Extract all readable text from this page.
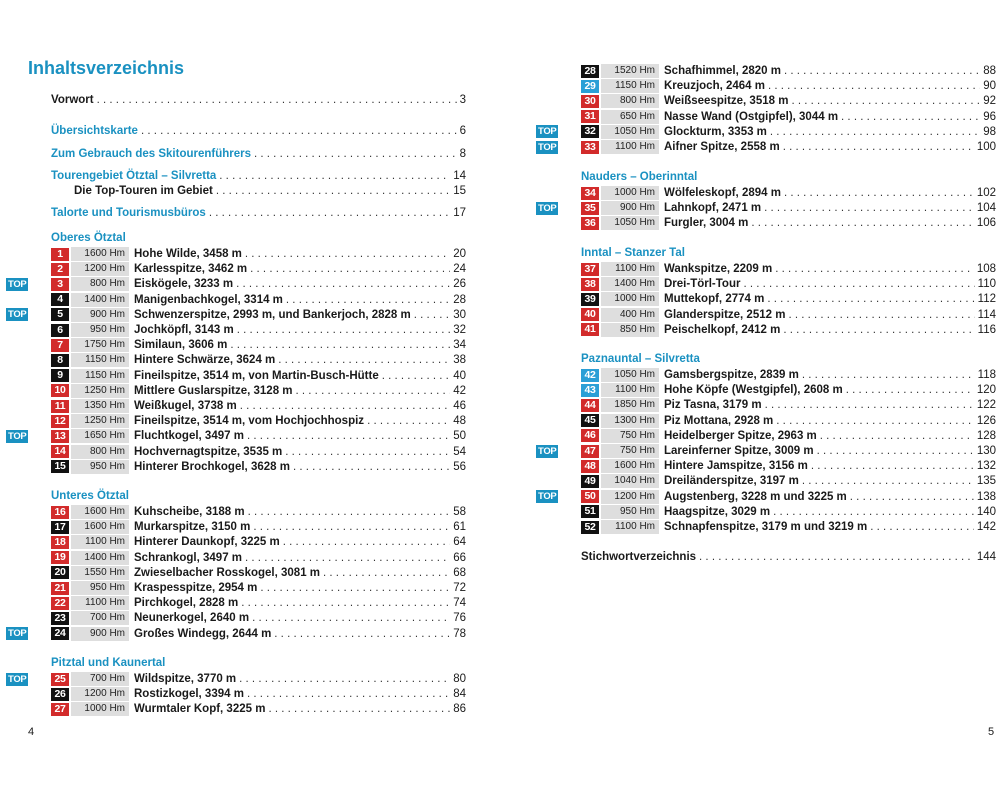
Inhaltsverzeichnis
Vorwort . . .	3
Übersichtskarte . . .	6
Zum Gebrauch des Skitourenführers . . .	8
Tourengebiet Ötztal – Silvretta . . .	14
Die Top-Touren im Gebiet . . .	15
Talorte und Tourismusbüros . . .	17
Oberes Ötztal
Unteres Ötztal
Pitztal und Kaunertal
Nauders – Oberinntal
Inntal – Stanzer Tal
Paznauntal – Silvretta
1	1600 Hm Hohe Wilde, 3458 m . . .	20
2	1200 Hm Karlesspitze, 3462 m . . .	24
TOP	3	800 Hm Eiskögele, 3233 m . . .	26
4	1400 Hm Manigenbachkogel, 3314 m . . .	28
TOP	5	900 Hm Schwenzerspitze, 2993 m, und Bankerjoch, 2828 m . . .	30
6	950 Hm Jochköpfl, 3143 m . . .	32
7	1750 Hm Similaun, 3606 m . . .	34
8	1150 Hm Hintere Schwärze, 3624 m . . .	38
9	1150 Hm Fineilspitze, 3514 m, von Martin-Busch-Hütte . . .	40
10	1250 Hm Mittlere Guslarspitze, 3128 m . . .	42
11	1350 Hm Weißkugel, 3738 m . . .	46
12	1250 Hm Fineilspitze, 3514 m, vom Hochjochhospiz . . .	48
TOP	13	1650 Hm Fluchtkogel, 3497 m . . .	50
14	800 Hm Hochvernagtspitze, 3535 m . . .	54
15	950 Hm Hinterer Brochkogel, 3628 m . . .	56
16	1600 Hm Kuhscheibe, 3188 m . . .	58
17	1600 Hm Murkarspitze, 3150 m . . .	61
18	1100 Hm Hinterer Daunkopf, 3225 m . . .	64
19	1400 Hm Schrankogl, 3497 m . . .	66
20	1550 Hm Zwieselbacher Rosskogel, 3081 m . . .	68
21	950 Hm Kraspesspitze, 2954 m . . .	72
22	1100 Hm Pirchkogel, 2828 m . . .	74
23	700 Hm Neunerkogel, 2640 m . . .	76
TOP	24	900 Hm Großes Windegg, 2644 m . . .	78
TOP	25	700 Hm Wildspitze, 3770 m . . .	80
26	1200 Hm Rostizkogel, 3394 m . . .	84
27	1000 Hm Wurmtaler Kopf, 3225 m . . .	86
28	1520 Hm Schafhimmel, 2820 m . . .	88
29	1150 Hm Kreuzjoch, 2464 m . . .	90
30	800 Hm Weißseespitze, 3518 m . . .	92
31	650 Hm Nasse Wand (Ostgipfel), 3044 m . . .	96
TOP	32	1050 Hm Glockturm, 3353 m . . .	98
TOP	33	1100 Hm Aifner Spitze, 2558 m . . .	100
34	1000 Hm Wölfeleskopf, 2894 m . . .	102
TOP	35	900 Hm Lahnkopf, 2471 m . . .	104
36	1050 Hm Furgler, 3004 m . . .	106
37	1100 Hm Wankspitze, 2209 m . . .	108
38	1400 Hm Drei-Törl-Tour . . .	110
39	1000 Hm Muttekopf, 2774 m . . .	112
40	400 Hm Glanderspitze, 2512 m . . .	114
41	850 Hm Peischelkopf, 2412 m . . .	116
42	1050 Hm Gamsbergspitze, 2839 m . . .	118
43	1100 Hm Hohe Köpfe (Westgipfel), 2608 m . . .	120
44	1850 Hm Piz Tasna, 3179 m . . .	122
45	1300 Hm Piz Mottana, 2928 m . . .	126
46	750 Hm Heidelberger Spitze, 2963 m . . .	128
TOP	47	750 Hm Lareinferner Spitze, 3009 m . . .	130
48	1600 Hm Hintere Jamspitze, 3156 m . . .	132
49	1040 Hm Dreiländerspitze, 3197 m . . .	135
TOP	50	1200 Hm Augstenberg, 3228 m und 3225 m . . .	138
51	950 Hm Haagspitze, 3029 m . . .	140
52	1100 Hm Schnapfenspitze, 3179 m und 3219 m . . .	142
Stichwortverzeichnis . . .	144
4	5
